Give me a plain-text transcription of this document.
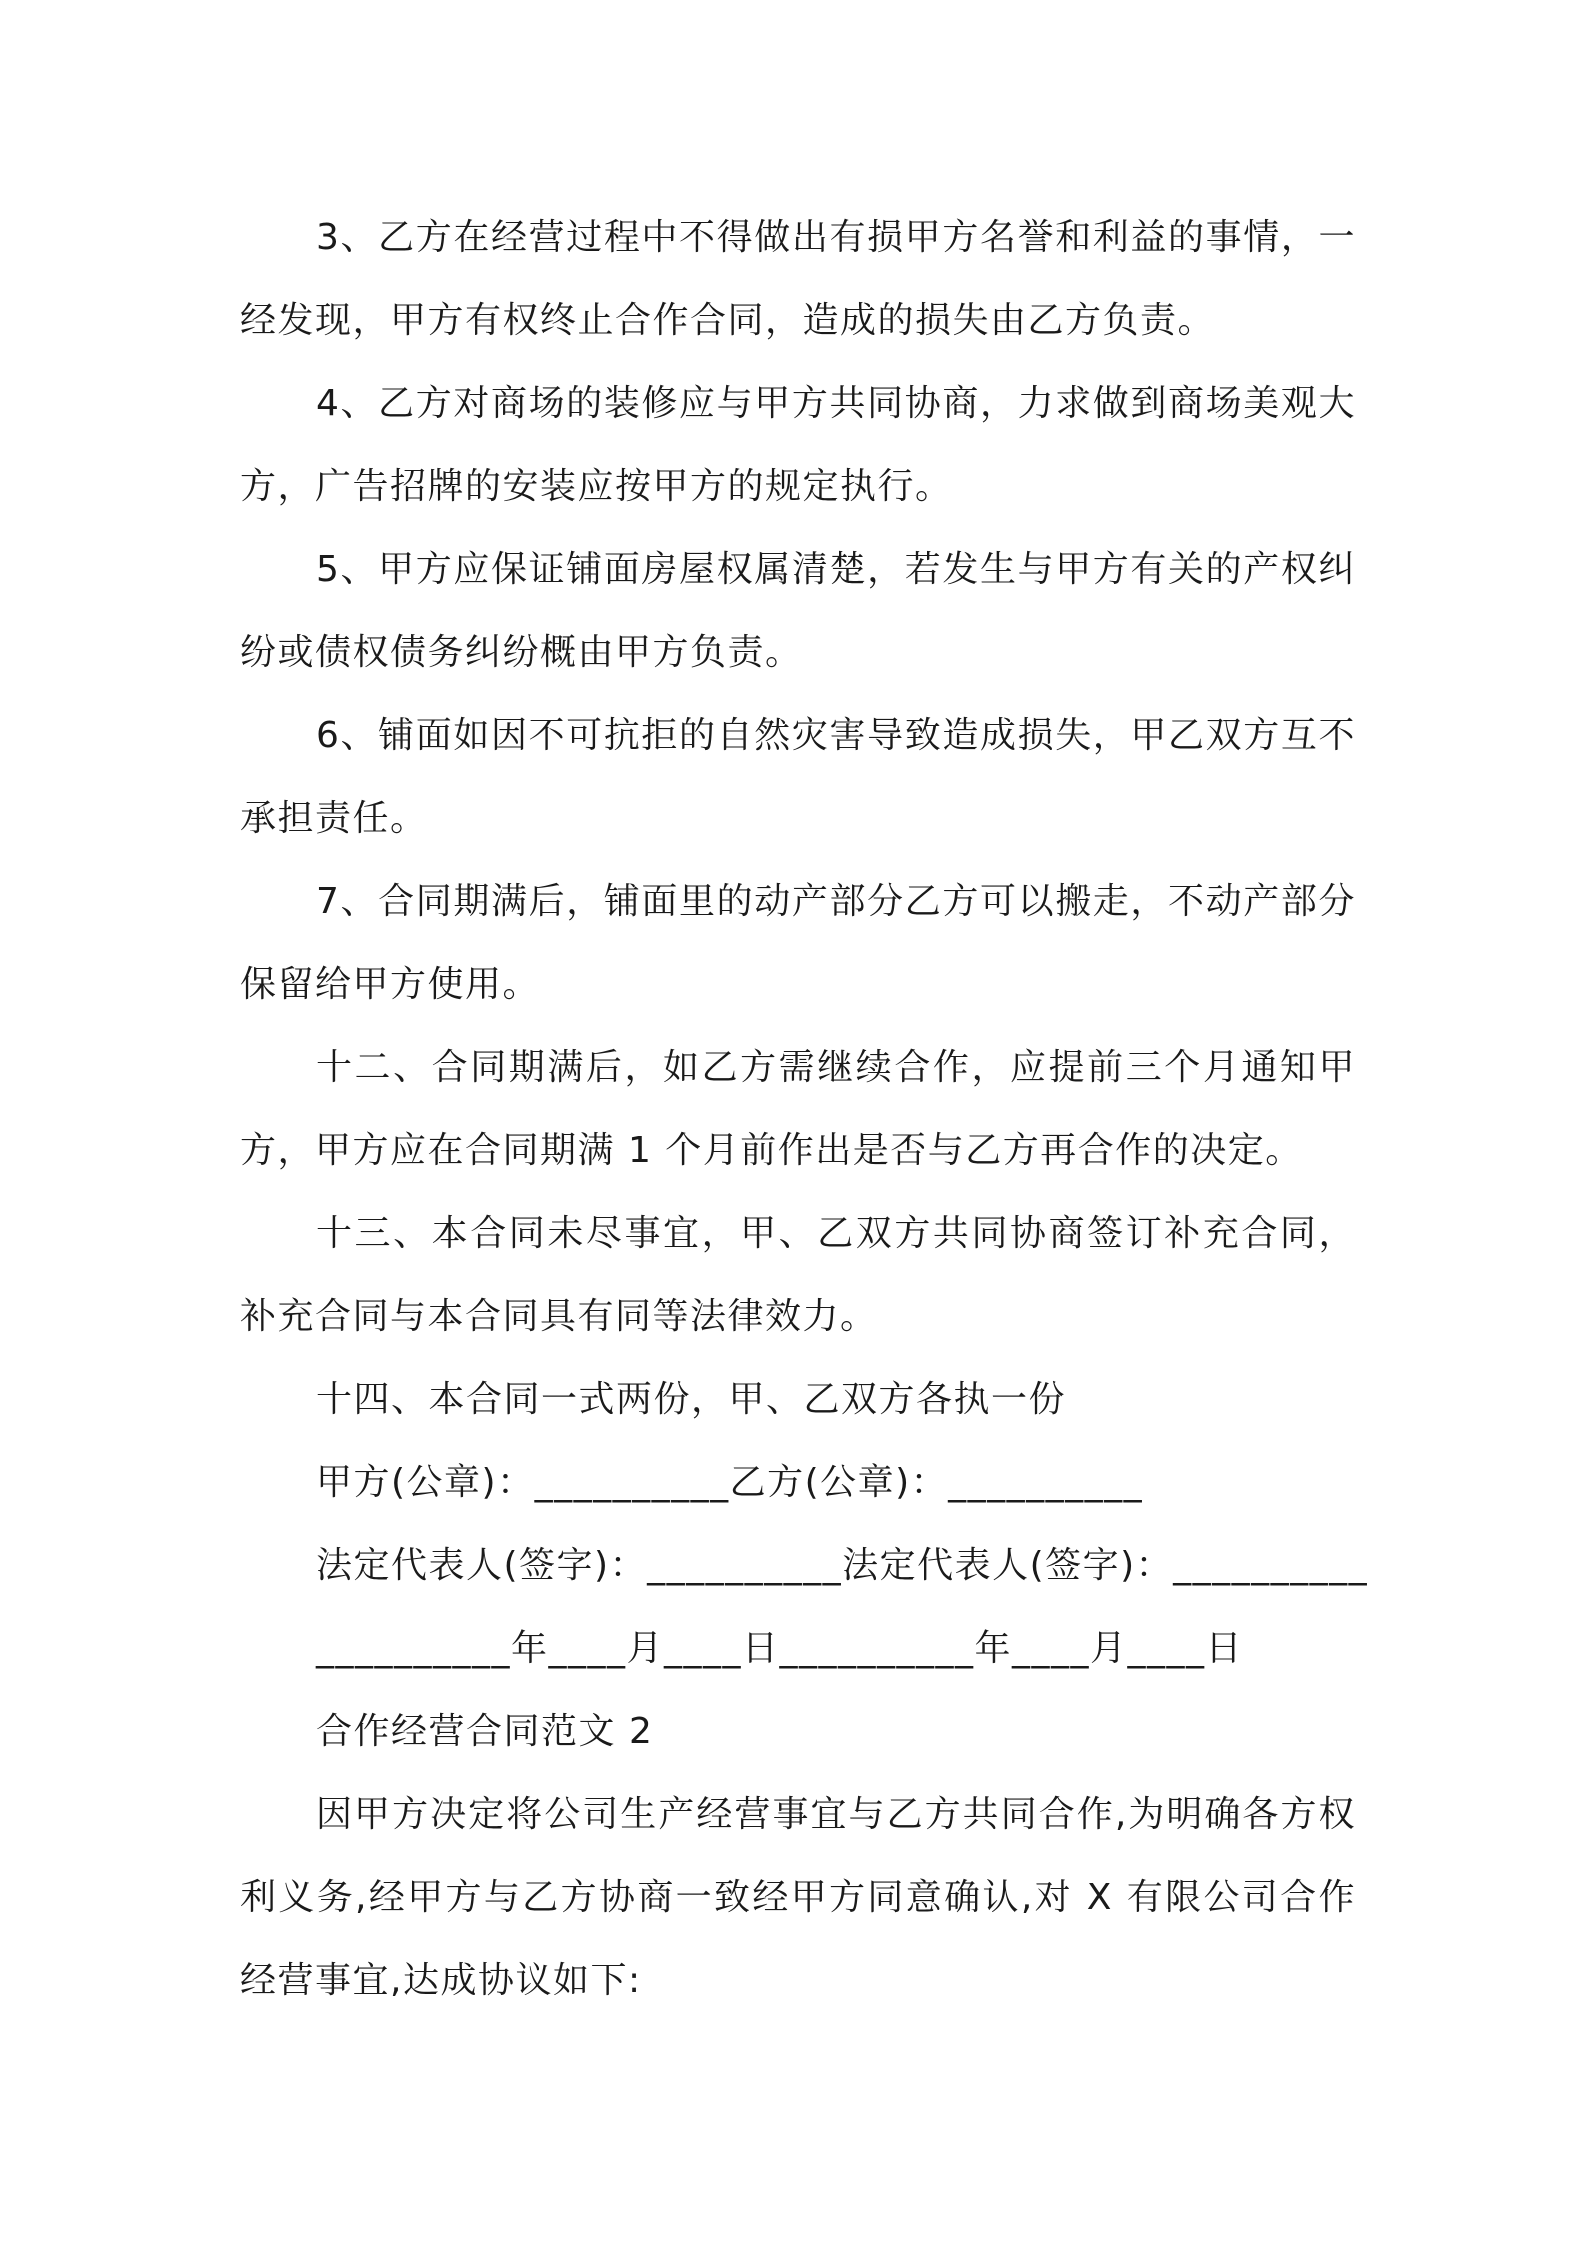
3、乙方在经营过程中不得做出有损甲方名誉和利益的事情，一经发现，甲方有权终止合作合同，造成的损失由乙方负责。

4、乙方对商场的装修应与甲方共同协商，力求做到商场美观大方，广告招牌的安装应按甲方的规定执行。

5、甲方应保证铺面房屋权属清楚，若发生与甲方有关的产权纠纷或债权债务纠纷概由甲方负责。

6、铺面如因不可抗拒的自然灾害导致造成损失，甲乙双方互不承担责任。

7、合同期满后，铺面里的动产部分乙方可以搬走，不动产部分保留给甲方使用。

十二、合同期满后，如乙方需继续合作，应提前三个月通知甲方，甲方应在合同期满 1 个月前作出是否与乙方再合作的决定。

十三、本合同未尽事宜，甲、乙双方共同协商签订补充合同，补充合同与本合同具有同等法律效力。

十四、本合同一式两份，甲、乙双方各执一份

甲方(公章)：__________乙方(公章)：__________

法定代表人(签字)：__________法定代表人(签字)：__________

__________年____月____日__________年____月____日

合作经营合同范文 2

因甲方决定将公司生产经营事宜与乙方共同合作,为明确各方权利义务,经甲方与乙方协商一致经甲方同意确认,对 X 有限公司合作经营事宜,达成协议如下:
